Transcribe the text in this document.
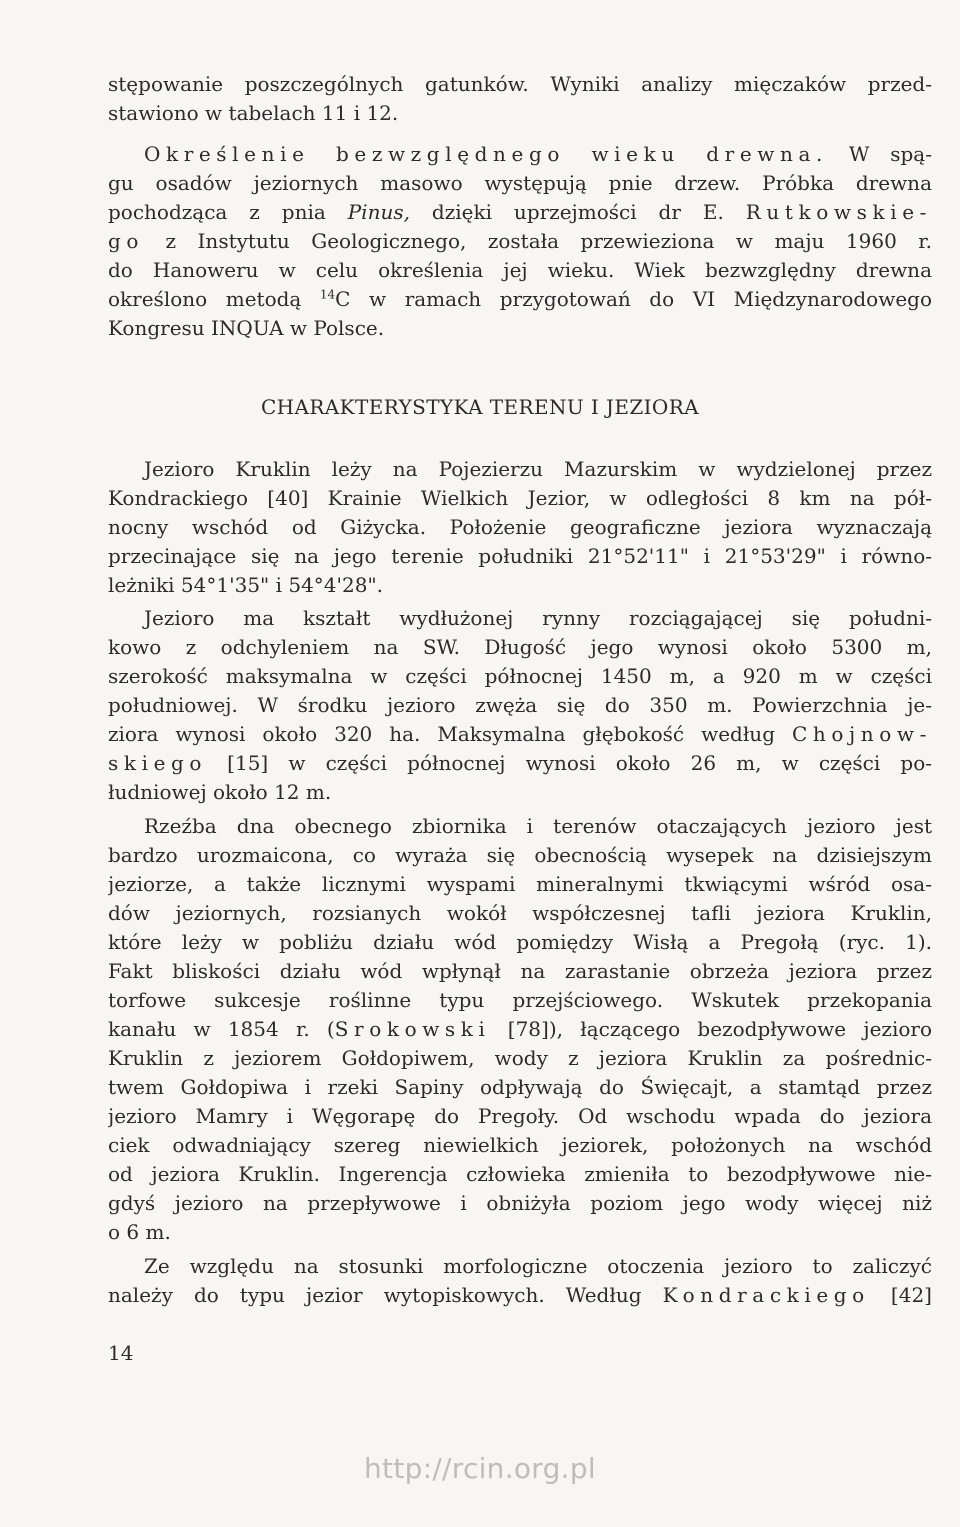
stępowanie poszczególnych gatunków. Wyniki analizy mięczaków przed-
stawiono w tabelach 11 i 12.
Określenie bezwzględnego wieku drewna. W spą-
gu osadów jeziornych masowo występują pnie drzew. Próbka drewna
pochodząca z pnia Pinus, dzięki uprzejmości dr E. Rutkowskie-
go z Instytutu Geologicznego, została przewieziona w maju 1960 r.
do Hanoweru w celu określenia jej wieku. Wiek bezwzględny drewna
określono metodą $^{14}$C w ramach przygotowań do VI Międzynarodowego
Kongresu INQUA w Polsce.
CHARAKTERYSTYKA TERENU I JEZIORA
Jezioro Kruklin leży na Pojezierzu Mazurskim w wydzielonej przez
Kondrackiego [40] Krainie Wielkich Jezior, w odległości 8 km na pół-
nocny wschód od Giżycka. Położenie geograficzne jeziora wyznaczają
przecinające się na jego terenie południki 21°52'11" i 21°53'29" i równo-
leżniki 54°1'35" i 54°4'28".
Jezioro ma kształt wydłużonej rynny rozciągającej się południ-
kowo z odchyleniem na SW. Długość jego wynosi około 5300 m,
szerokość maksymalna w części północnej 1450 m, a 920 m w części
południowej. W środku jezioro zwęża się do 350 m. Powierzchnia je-
ziora wynosi około 320 ha. Maksymalna głębokość według Chojnow-
skiego [15] w części północnej wynosi około 26 m, w części po-
łudniowej około 12 m.
Rzeźba dna obecnego zbiornika i terenów otaczających jezioro jest
bardzo urozmaicona, co wyraża się obecnością wysepek na dzisiejszym
jeziorze, a także licznymi wyspami mineralnymi tkwiącymi wśród osa-
dów jeziornych, rozsianych wokół współczesnej tafli jeziora Kruklin,
które leży w pobliżu działu wód pomiędzy Wisłą a Pregołą (ryc. 1).
Fakt bliskości działu wód wpłynął na zarastanie obrzeża jeziora przez
torfowe sukcesje roślinne typu przejściowego. Wskutek przekopania
kanału w 1854 r. (Srokowski [78]), łączącego bezodpływowe jezioro
Kruklin z jeziorem Gołdopiwem, wody z jeziora Kruklin za pośrednic-
twem Gołdopiwa i rzeki Sapiny odpływają do Święcajt, a stamtąd przez
jezioro Mamry i Węgorapę do Pregoły. Od wschodu wpada do jeziora
ciek odwadniający szereg niewielkich jeziorek, położonych na wschód
od jeziora Kruklin. Ingerencja człowieka zmieniła to bezodpływowe nie-
gdyś jezioro na przepływowe i obniżyła poziom jego wody więcej niż
o 6 m.
Ze względu na stosunki morfologiczne otoczenia jezioro to zaliczyć
należy do typu jezior wytopiskowych. Według Kondrackiego [42]
14
http://rcin.org.pl
